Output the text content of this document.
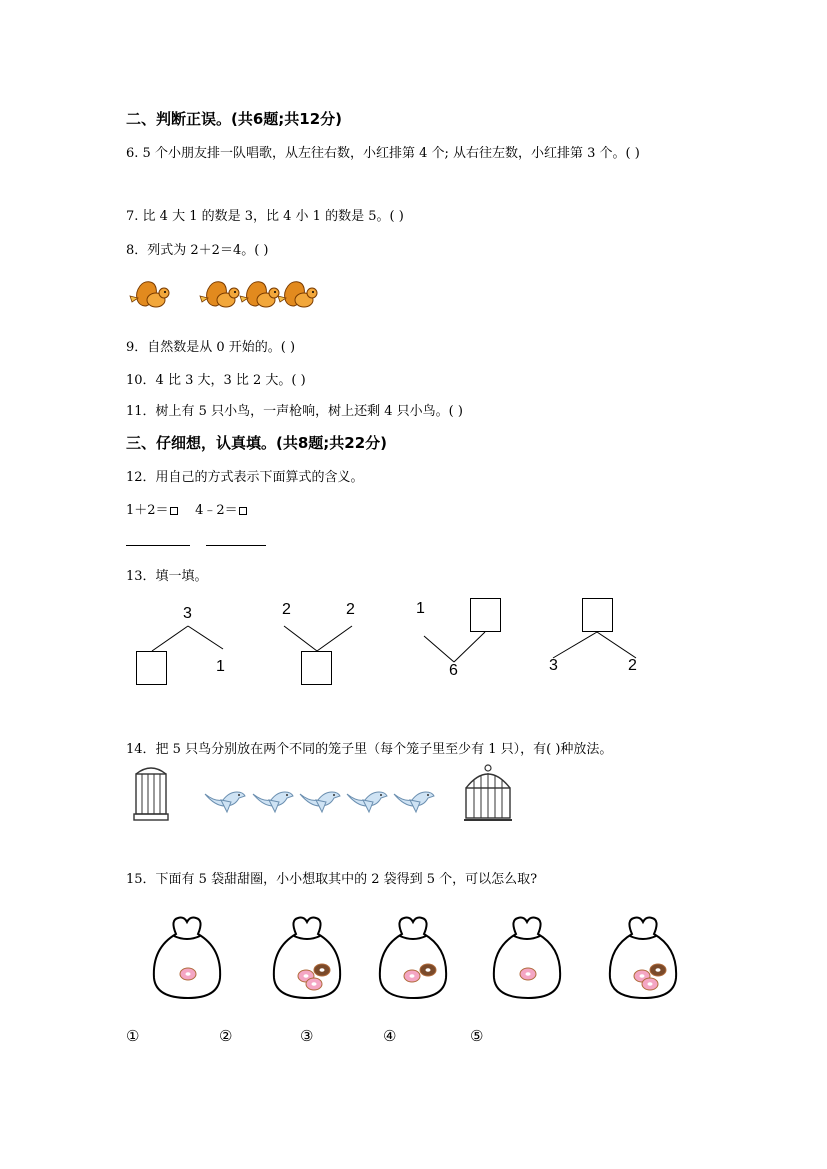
二、判断正误。(共6题;共12分)
6. 5 个小朋友排一队唱歌，从左往右数，小红排第 4 个; 从右往左数，小红排第 3 个。( )
7. 比 4 大 1 的数是 3，比 4 小 1 的数是 5。( )
8．列式为 2＋2＝4。( )
9．自然数是从 0 开始的。( )
10．4 比 3 大，3 比 2 大。( )
11．树上有 5 只小鸟，一声枪响，树上还剩 4 只小鸟。( )
三、仔细想，认真填。(共8题;共22分)
12．用自己的方式表示下面算式的含义。
1＋2＝ 4﹣2＝
13．填一填。
3
1
2	2	1
6	3	2
14．把 5 只鸟分别放在两个不同的笼子里（每个笼子里至少有 1 只），有( )种放法。
15．下面有 5 袋甜甜圈，小小想取其中的 2 袋得到 5 个，可以怎么取?
①	②	③	④	⑤
